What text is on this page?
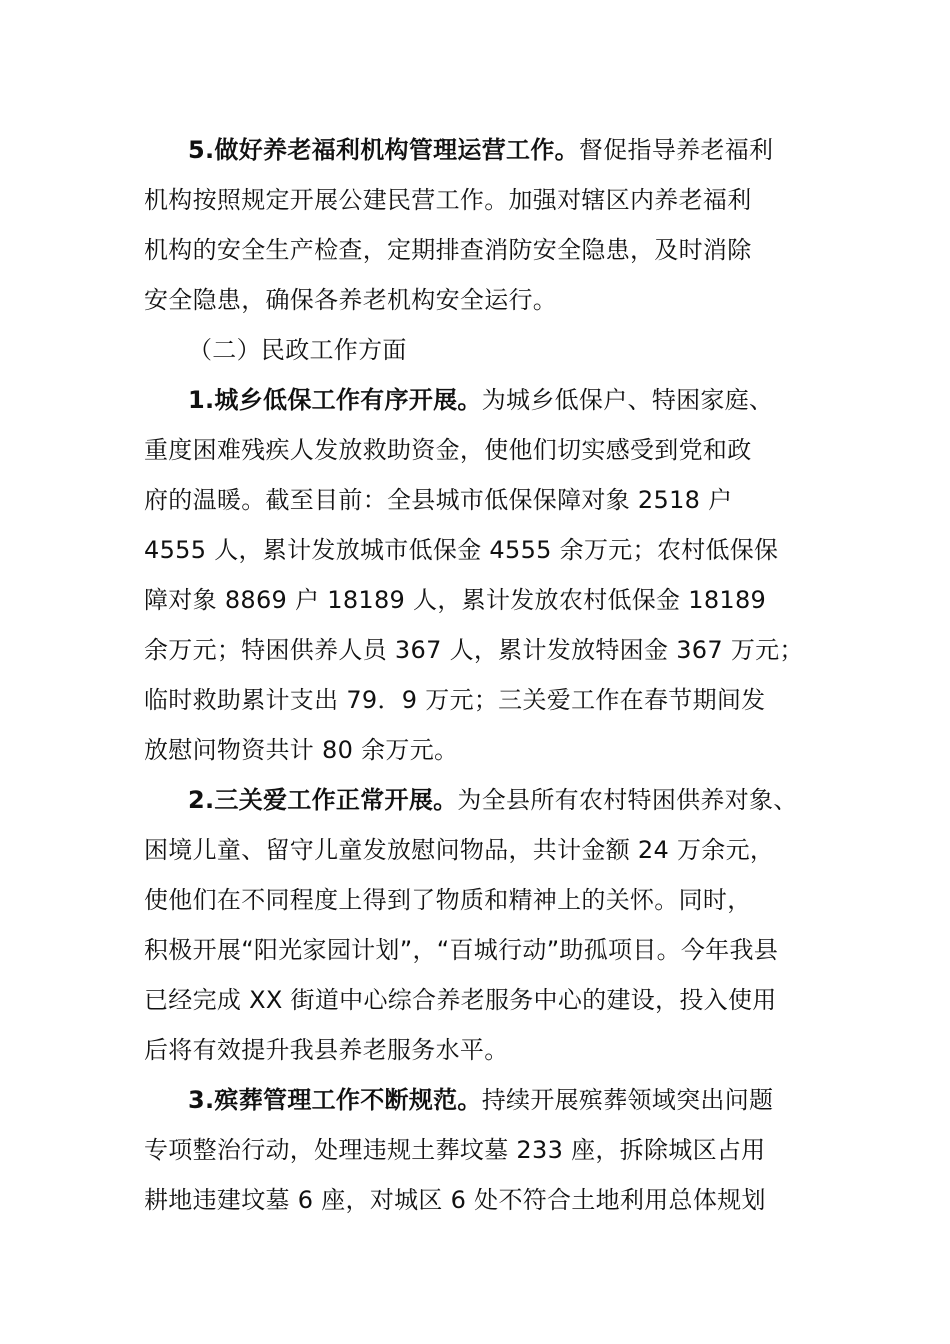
5.做好养老福利机构管理运营工作。督促指导养老福利
机构按照规定开展公建民营工作。加强对辖区内养老福利
机构的安全生产检查，定期排查消防安全隐患，及时消除
安全隐患，确保各养老机构安全运行。
（二）民政工作方面
1.城乡低保工作有序开展。为城乡低保户、特困家庭、
重度困难残疾人发放救助资金，使他们切实感受到党和政
府的温暖。截至目前：全县城市低保保障对象 2518 户
4555 人，累计发放城市低保金 4555 余万元；农村低保保
障对象 8869 户 18189 人，累计发放农村低保金 18189
余万元；特困供养人员 367 人，累计发放特困金 367 万元；
临时救助累计支出 79．9 万元；三关爱工作在春节期间发
放慰问物资共计 80 余万元。
2.三关爱工作正常开展。为全县所有农村特困供养对象、
困境儿童、留守儿童发放慰问物品，共计金额 24 万余元，
使他们在不同程度上得到了物质和精神上的关怀。同时，
积极开展“阳光家园计划”，“百城行动”助孤项目。今年我县
已经完成 XX 街道中心综合养老服务中心的建设，投入使用
后将有效提升我县养老服务水平。
3.殡葬管理工作不断规范。持续开展殡葬领域突出问题
专项整治行动，处理违规土葬坟墓 233 座，拆除城区占用
耕地违建坟墓 6 座，对城区 6 处不符合土地利用总体规划
